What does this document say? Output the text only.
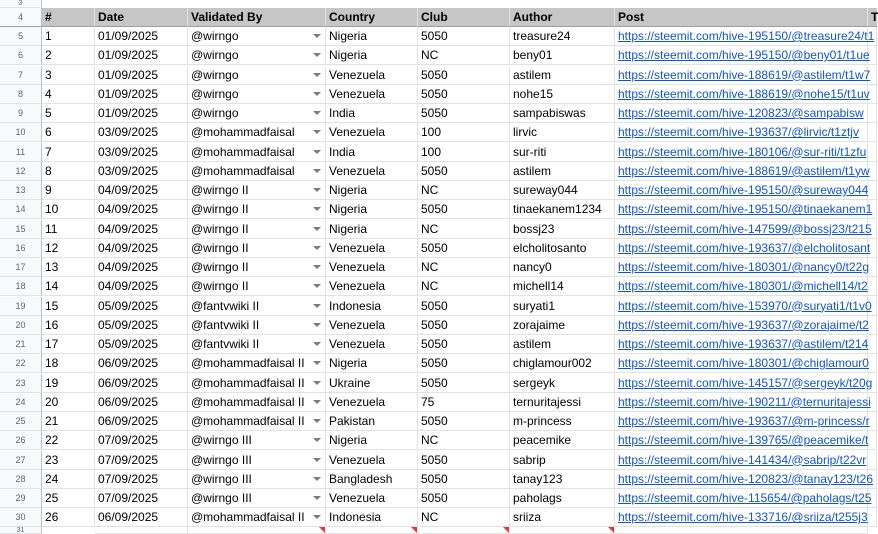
3
4	#	Date	Validated By	Country	Club	Author	Post	T
5	1	01/09/2025	@wirngo	Nigeria	5050	treasure24	https://steemit.com/hive-195150/@treasure24/t1
6	2	01/09/2025	@wirngo	Nigeria	NC	beny01	https://steemit.com/hive-195150/@beny01/t1ue
7	3	01/09/2025	@wirngo	Venezuela	5050	astilem	https://steemit.com/hive-188619/@astilem/t1w7
8	4	01/09/2025	@wirngo	Venezuela	5050	nohe15	https://steemit.com/hive-188619/@nohe15/t1uv
9	5	01/09/2025	@wirngo	India	5050	sampabiswas	https://steemit.com/hive-120823/@sampabisw
10	6	03/09/2025	@mohammadfaisal	Venezuela	100	lirvic	https://steemit.com/hive-193637/@lirvic/t1ztjv
11	7	03/09/2025	@mohammadfaisal	India	100	sur-riti	https://steemit.com/hive-180106/@sur-riti/t1zfu
12	8	03/09/2025	@mohammadfaisal	Venezuela	5050	astilem	https://steemit.com/hive-188619/@astilem/t1yw
13	9	04/09/2025	@wirngo II	Nigeria	NC	sureway044	https://steemit.com/hive-195150/@sureway044
14	10	04/09/2025	@wirngo II	Nigeria	5050	tinaekanem1234	https://steemit.com/hive-195150/@tinaekanem1
15	11	04/09/2025	@wirngo II	Nigeria	NC	bossj23	https://steemit.com/hive-147599/@bossj23/t215
16	12	04/09/2025	@wirngo II	Venezuela	5050	elcholitosanto	https://steemit.com/hive-193637/@elcholitosant
17	13	04/09/2025	@wirngo II	Venezuela	NC	nancy0	https://steemit.com/hive-180301/@nancy0/t22g
18	14	04/09/2025	@wirngo II	Venezuela	NC	michell14	https://steemit.com/hive-180301/@michell14/t2
19	15	05/09/2025	@fantvwiki II	Indonesia	5050	suryati1	https://steemit.com/hive-153970/@suryati1/t1v0
20	16	05/09/2025	@fantvwiki II	Venezuela	5050	zorajaime	https://steemit.com/hive-193637/@zorajaime/t2
21	17	05/09/2025	@fantvwiki II	Venezuela	5050	astilem	https://steemit.com/hive-193637/@astilem/t214
22	18	06/09/2025	@mohammadfaisal II	Nigeria	5050	chiglamour002	https://steemit.com/hive-180301/@chiglamour0
23	19	06/09/2025	@mohammadfaisal II	Ukraine	5050	sergeyk	https://steemit.com/hive-145157/@sergeyk/t20g
24	20	06/09/2025	@mohammadfaisal II	Venezuela	75	ternuritajessi	https://steemit.com/hive-190211/@ternuritajessi
25	21	06/09/2025	@mohammadfaisal II	Pakistan	5050	m-princess	https://steemit.com/hive-193637/@m-princess/r
26	22	07/09/2025	@wirngo III	Nigeria	NC	peacemike	https://steemit.com/hive-139765/@peacemike/t
27	23	07/09/2025	@wirngo III	Venezuela	5050	sabrip	https://steemit.com/hive-141434/@sabrip/t22vr
28	24	07/09/2025	@wirngo III	Bangladesh	5050	tanay123	https://steemit.com/hive-120823/@tanay123/t26
29	25	07/09/2025	@wirngo III	Venezuela	5050	paholags	https://steemit.com/hive-115654/@paholags/t25
30	26	06/09/2025	@mohammadfaisal II	Indonesia	NC	sriiza	https://steemit.com/hive-133716/@sriiza/t255j3
31
